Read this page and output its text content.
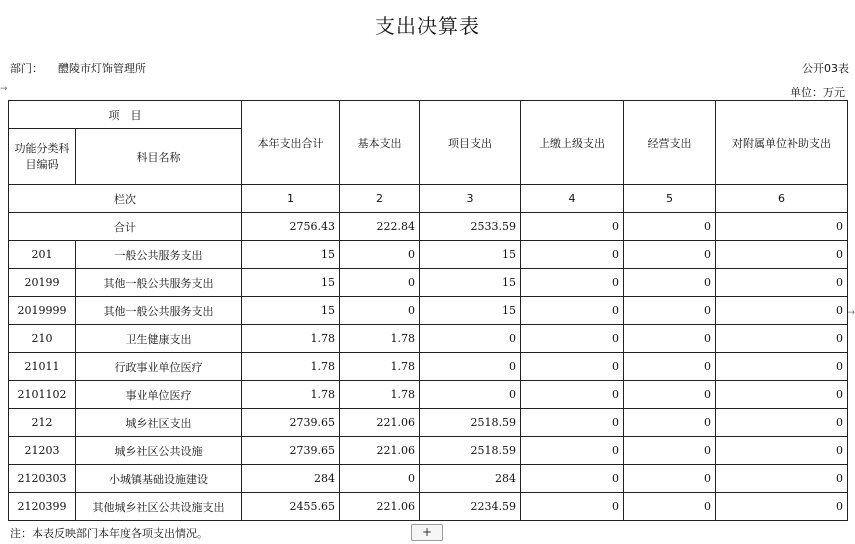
支出决算表
部门： 醴陵市灯饰管理所	公开03表
单位：万元
→
→
项　目		本年支出合计	基本支出	项目支出	上缴上级支出	经营支出	对附属单位补助支出
功能分类科目编码	科目名称						
栏次		1	2	3	4	5	6
合计		2756.43	222.84	2533.59	0	0	0
201	一般公共服务支出	15	0	15	0	0	0
20199	其他一般公共服务支出	15	0	15	0	0	0
2019999	其他一般公共服务支出	15	0	15	0	0	0
210	卫生健康支出	1.78	1.78	0	0	0	0
21011	行政事业单位医疗	1.78	1.78	0	0	0	0
2101102	事业单位医疗	1.78	1.78	0	0	0	0
212	城乡社区支出	2739.65	221.06	2518.59	0	0	0
21203	城乡社区公共设施	2739.65	221.06	2518.59	0	0	0
2120303	小城镇基础设施建设	284	0	284	0	0	0
2120399	其他城乡社区公共设施支出	2455.65	221.06	2234.59	0	0	0
注：本表反映部门本年度各项支出情况。	+
